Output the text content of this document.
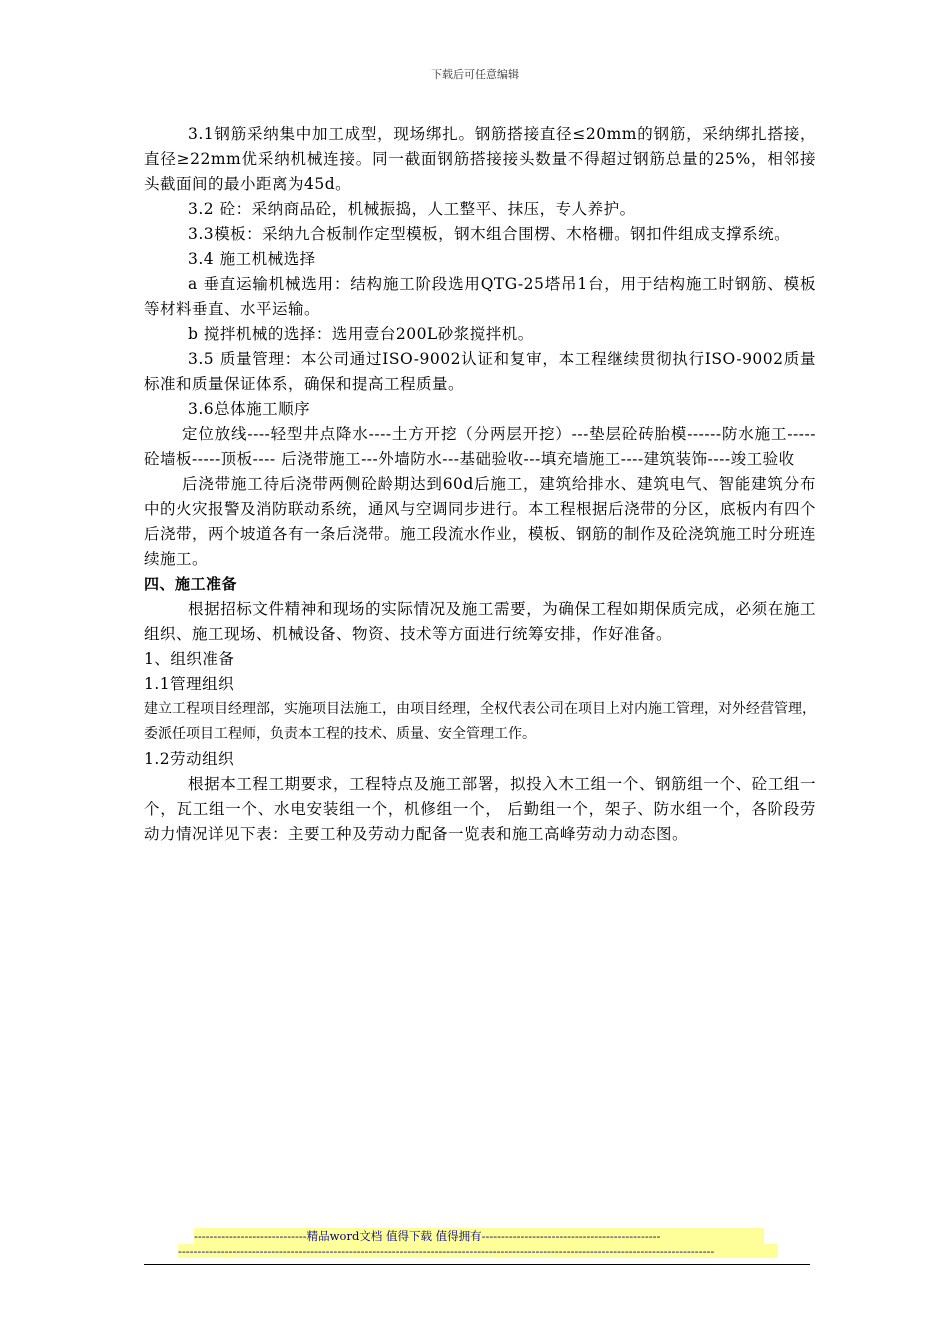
下载后可任意编辑

3.1钢筋采纳集中加工成型，现场绑扎。钢筋搭接直径≤20mm的钢筋，采纳绑扎搭接，直径≥22mm优采纳机械连接。同一截面钢筋搭接接头数量不得超过钢筋总量的25%，相邻接头截面间的最小距离为45d。

3.2 砼：采纳商品砼，机械振捣，人工整平、抹压，专人养护。

3.3模板：采纳九合板制作定型模板，钢木组合围楞、木格栅。钢扣件组成支撑系统。

3.4 施工机械选择

a 垂直运输机械选用：结构施工阶段选用QTG-25塔吊1台，用于结构施工时钢筋、模板等材料垂直、水平运输。

b 搅拌机械的选择：选用壹台200L砂浆搅拌机。

3.5 质量管理：本公司通过ISO-9002认证和复审，本工程继续贯彻执行ISO-9002质量标准和质量保证体系，确保和提高工程质量。

3.6总体施工顺序

定位放线----轻型井点降水----土方开挖（分两层开挖）---垫层砼砖胎模------防水施工-----砼墙板-----顶板---- 后浇带施工---外墙防水---基础验收---填充墙施工----建筑装饰----竣工验收

后浇带施工待后浇带两侧砼龄期达到60d后施工，建筑给排水、建筑电气、智能建筑分布中的火灾报警及消防联动系统，通风与空调同步进行。本工程根据后浇带的分区，底板内有四个后浇带，两个坡道各有一条后浇带。施工段流水作业，模板、钢筋的制作及砼浇筑施工时分班连续施工。

四、施工准备

根据招标文件精神和现场的实际情况及施工需要，为确保工程如期保质完成，必须在施工组织、施工现场、机械设备、物资、技术等方面进行统筹安排，作好准备。

1、组织准备

1.1管理组织

建立工程项目经理部，实施项目法施工，由项目经理，全权代表公司在项目上对内施工管理，对外经营管理，委派任项目工程师，负责本工程的技术、质量、安全管理工作。

1.2劳动组织

根据本工程工期要求，工程特点及施工部署，拟投入木工组一个、钢筋组一个、砼工组一个，瓦工组一个、水电安装组一个，机修组一个， 后勤组一个，架子、防水组一个，各阶段劳动力情况详见下表：主要工种及劳动力配备一览表和施工高峰劳动力动态图。

-----------------------------精品word文档 值得下载 值得拥有----------------------------------------------
------------------------------------------------------------------------------------------------------------------------------------------
